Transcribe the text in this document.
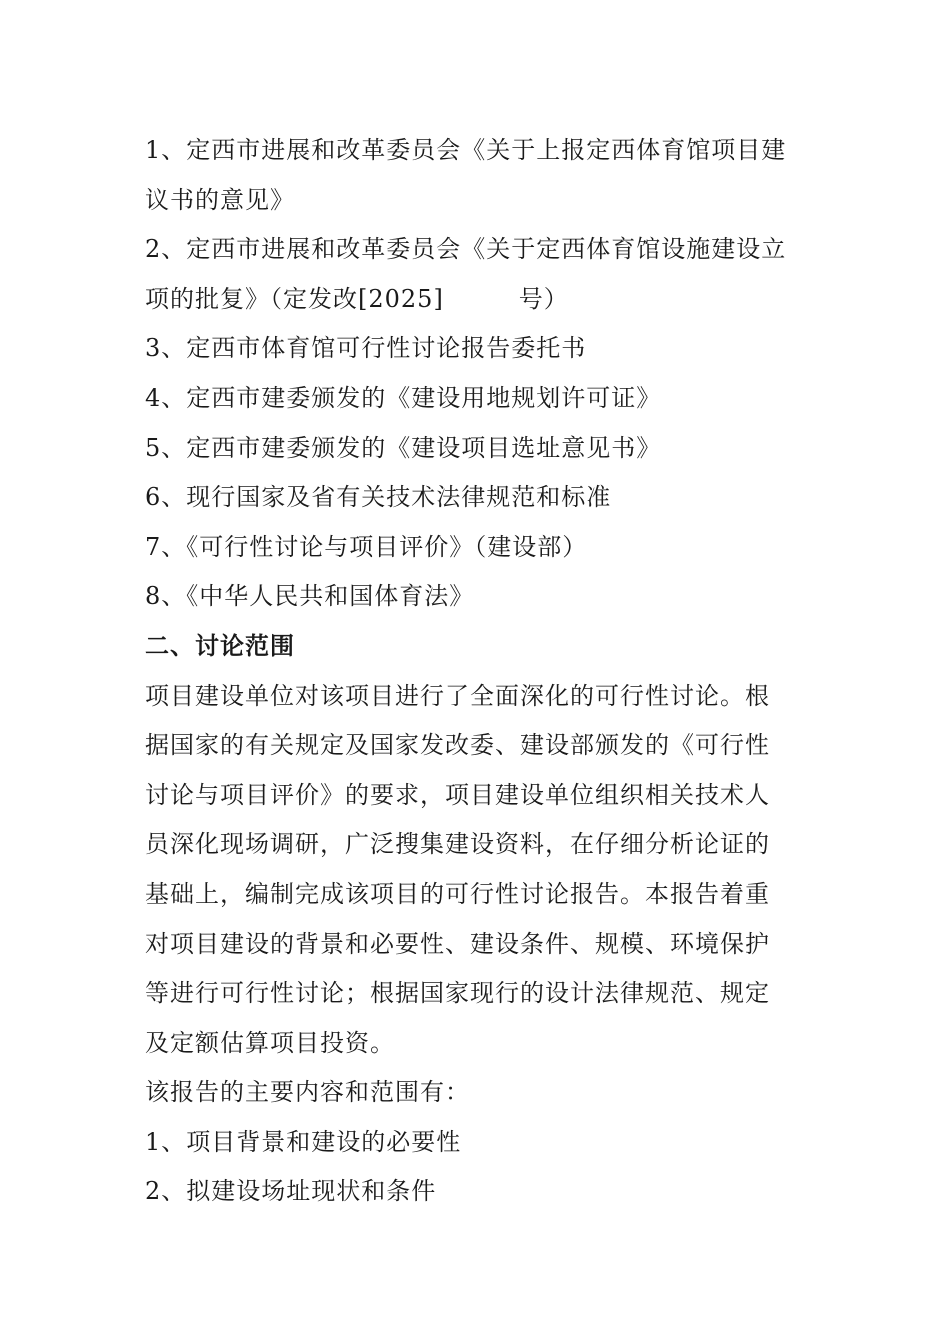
1、定西市进展和改革委员会《关于上报定西体育馆项目建
议书的意见》
2、定西市进展和改革委员会《关于定西体育馆设施建设立
项的批复》（定发改[2025]　　　号）
3、定西市体育馆可行性讨论报告委托书
4、定西市建委颁发的《建设用地规划许可证》
5、定西市建委颁发的《建设项目选址意见书》
6、现行国家及省有关技术法律规范和标准
7、《可行性讨论与项目评价》（建设部）
8、《中华人民共和国体育法》
二、讨论范围
项目建设单位对该项目进行了全面深化的可行性讨论。根
据国家的有关规定及国家发改委、建设部颁发的《可行性
讨论与项目评价》的要求，项目建设单位组织相关技术人
员深化现场调研，广泛搜集建设资料，在仔细分析论证的
基础上，编制完成该项目的可行性讨论报告。本报告着重
对项目建设的背景和必要性、建设条件、规模、环境保护
等进行可行性讨论；根据国家现行的设计法律规范、规定
及定额估算项目投资。
该报告的主要内容和范围有：
1、项目背景和建设的必要性
2、拟建设场址现状和条件
